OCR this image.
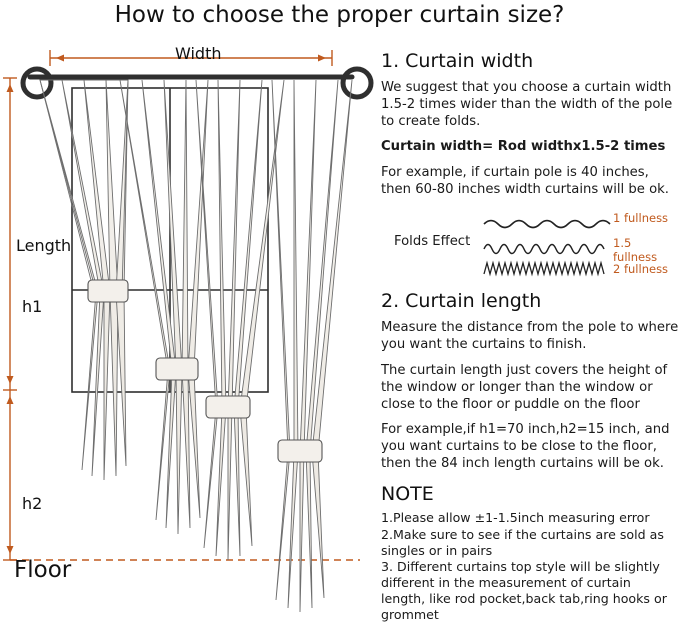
How to choose the proper curtain size?
Width
Length
h1
h2
Floor
1. Curtain width

We suggest that you choose a curtain width 1.5-2 times wider than the width of the pole to create folds.

Curtain width= Rod widthx1.5-2 times

For example, if curtain pole is 40 inches, then 60-80 inches width curtains will be ok.

Folds Effect
1 fullness
1.5 fullness
2 fullness
2. Curtain length

Measure the distance from the pole to where you want the curtains to finish.

The curtain length just covers the height of the window or longer than the window or close to the floor or puddle on the floor

For example,if h1=70 inch,h2=15 inch, and you want curtains to be close to the floor, then the 84 inch length curtains will be ok.

NOTE
1.Please allow ±1-1.5inch measuring error
2.Make sure to see if the curtains are sold as singles or in pairs
3. Different curtains top style will be slightly different in the measurement of curtain length, like rod pocket,back tab,ring hooks or grommet
